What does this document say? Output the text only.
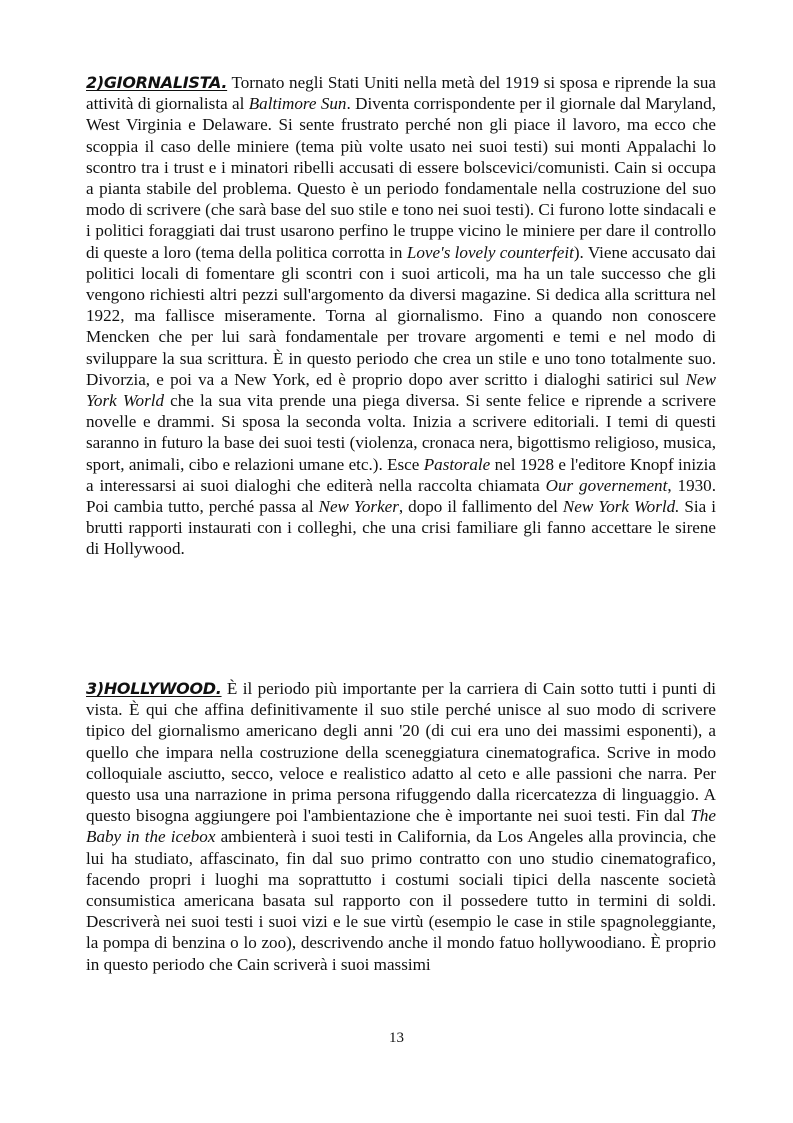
2)GIORNALISTA. Tornato negli Stati Uniti nella metà del 1919 si sposa e riprende la sua attività di giornalista al Baltimore Sun. Diventa corrispondente per il giornale dal Maryland, West Virginia e Delaware. Si sente frustrato perché non gli piace il lavoro, ma ecco che scoppia il caso delle miniere (tema più volte usato nei suoi testi) sui monti Appalachi lo scontro tra i trust e i minatori ribelli accusati di essere bolscevici/comunisti. Cain si occupa a pianta stabile del problema. Questo è un periodo fondamentale nella costruzione del suo modo di scrivere (che sarà base del suo stile e tono nei suoi testi). Ci furono lotte sindacali e i politici foraggiati dai trust usarono perfino le truppe vicino le miniere per dare il controllo di queste a loro (tema della politica corrotta in Love's lovely counterfeit). Viene accusato dai politici locali di fomentare gli scontri con i suoi articoli, ma ha un tale successo che gli vengono richiesti altri pezzi sull'argomento da diversi magazine. Si dedica alla scrittura nel 1922, ma fallisce miseramente. Torna al giornalismo. Fino a quando non conoscere Mencken che per lui sarà fondamentale per trovare argomenti e temi e nel modo di sviluppare la sua scrittura. È in questo periodo che crea un stile e uno tono totalmente suo. Divorzia, e poi va a New York, ed è proprio dopo aver scritto i dialoghi satirici sul New York World che la sua vita prende una piega diversa. Si sente felice e riprende a scrivere novelle e drammi. Si sposa la seconda volta. Inizia a scrivere editoriali. I temi di questi saranno in futuro la base dei suoi testi (violenza, cronaca nera, bigottismo religioso, musica, sport, animali, cibo e relazioni umane etc.). Esce Pastorale nel 1928 e l'editore Knopf inizia a interessarsi ai suoi dialoghi che editerà nella raccolta chiamata Our governement, 1930. Poi cambia tutto, perché passa al New Yorker, dopo il fallimento del New York World. Sia i brutti rapporti instaurati con i colleghi, che una crisi familiare gli fanno accettare le sirene di Hollywood.

3)HOLLYWOOD. È il periodo più importante per la carriera di Cain sotto tutti i punti di vista. È qui che affina definitivamente il suo stile perché unisce al suo modo di scrivere tipico del giornalismo americano degli anni '20 (di cui era uno dei massimi esponenti), a quello che impara nella costruzione della sceneggiatura cinematografica. Scrive in modo colloquiale asciutto, secco, veloce e realistico adatto al ceto e alle passioni che narra. Per questo usa una narrazione in prima persona rifuggendo dalla ricercatezza di linguaggio. A questo bisogna aggiungere poi l'ambientazione che è importante nei suoi testi. Fin dal The Baby in the icebox ambienterà i suoi testi in California, da Los Angeles alla provincia, che lui ha studiato, affascinato, fin dal suo primo contratto con uno studio cinematografico, facendo propri i luoghi ma soprattutto i costumi sociali tipici della nascente società consumistica americana basata sul rapporto con il possedere tutto in termini di soldi. Descriverà nei suoi testi i suoi vizi e le sue virtù (esempio le case in stile spagnoleggiante, la pompa di benzina o lo zoo), descrivendo anche il mondo fatuo hollywoodiano. È proprio in questo periodo che Cain scriverà i suoi massimi

13
